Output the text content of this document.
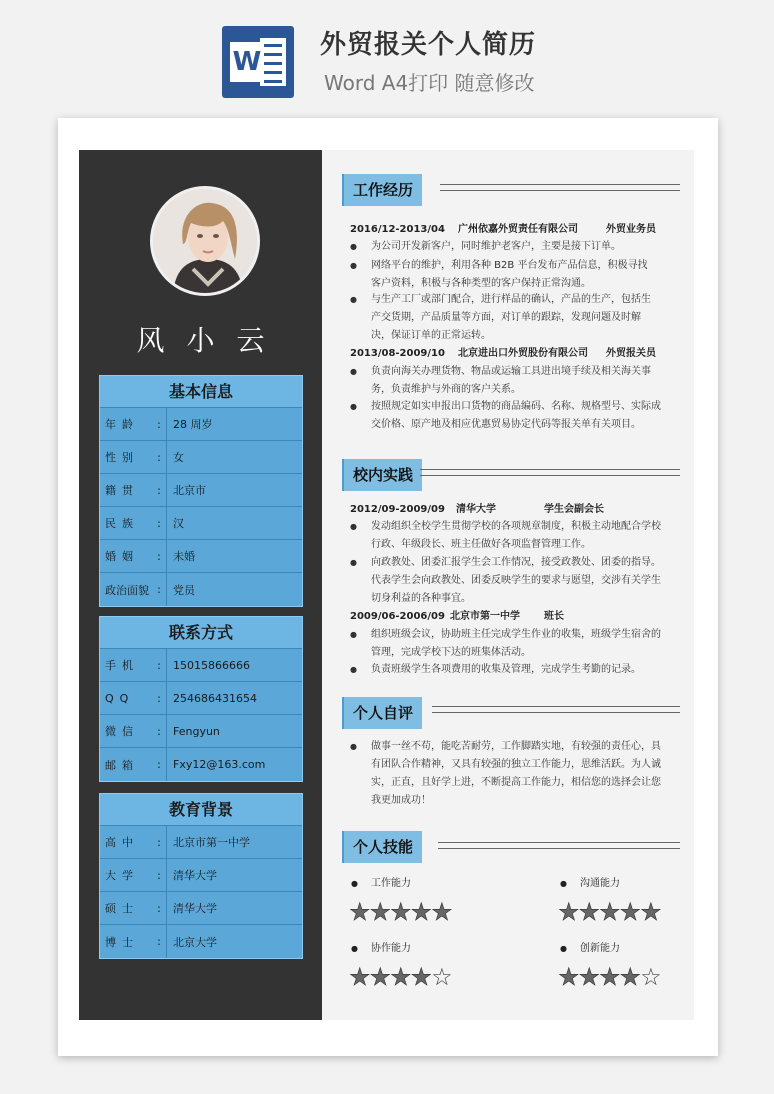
W
外贸报关个人简历
Word A4打印 随意修改
风小云
基本信息
年龄	:	28 周岁
性别	:	女
籍贯	:	北京市
民族	:	汉
婚姻	:	未婚
政治面貌 :	党员
联系方式
手机	:	15015866666
QQ	:	254686431654
微信	:	Fengyun
邮箱	:	Fxy12@163.com
教育背景
高中	:	北京市第一中学
大学	:	清华大学
硕士	:	清华大学
博士	:	北京大学
工作经历
2016/12-2013/04 广州依嘉外贸责任有限公司	外贸业务员
● 为公司开发新客户，同时维护老客户，主要是接下订单。
● 网络平台的维护，利用各种 B2B 平台发布产品信息，积极寻找客户资料，积极与各种类型的客户保持正常沟通。
● 与生产工厂或部门配合，进行样品的确认，产品的生产，包括生产交货期，产品质量等方面，对订单的跟踪，发现问题及时解决，保证订单的正常运转。
2013/08-2009/10 北京进出口外贸股份有限公司 外贸报关员
● 负责向海关办理货物、物品或运输工具进出境手续及相关海关事务，负责维护与外商的客户关系。
● 按照规定如实申报出口货物的商品编码、名称、规格型号、实际成交价格、原产地及相应优惠贸易协定代码等报关单有关项目。
校内实践
2012/09-2009/09 清华大学	学生会副会长
● 发动组织全校学生贯彻学校的各项规章制度，积极主动地配合学校行政、年级段长、班主任做好各项监督管理工作。
● 向政教处、团委汇报学生会工作情况，接受政教处、团委的指导。代表学生会向政教处、团委反映学生的要求与愿望，交涉有关学生切身利益的各种事宜。
2009/06-2006/09 北京市第一中学 班长
● 组织班级会议，协助班主任完成学生作业的收集，班级学生宿舍的管理，完成学校下达的班集体活动。
● 负责班级学生各项费用的收集及管理，完成学生考勤的记录。
个人自评
● 做事一丝不苟，能吃苦耐劳，工作脚踏实地，有较强的责任心，具有团队合作精神，又具有较强的独立工作能力，思维活跃。为人诚实，正直，且好学上进，不断提高工作能力，相信您的选择会让您我更加成功！
个人技能
● 工作能力
★★★★★
● 沟通能力
★★★★★
● 协作能力
★★★★☆
● 创新能力
★★★★☆
